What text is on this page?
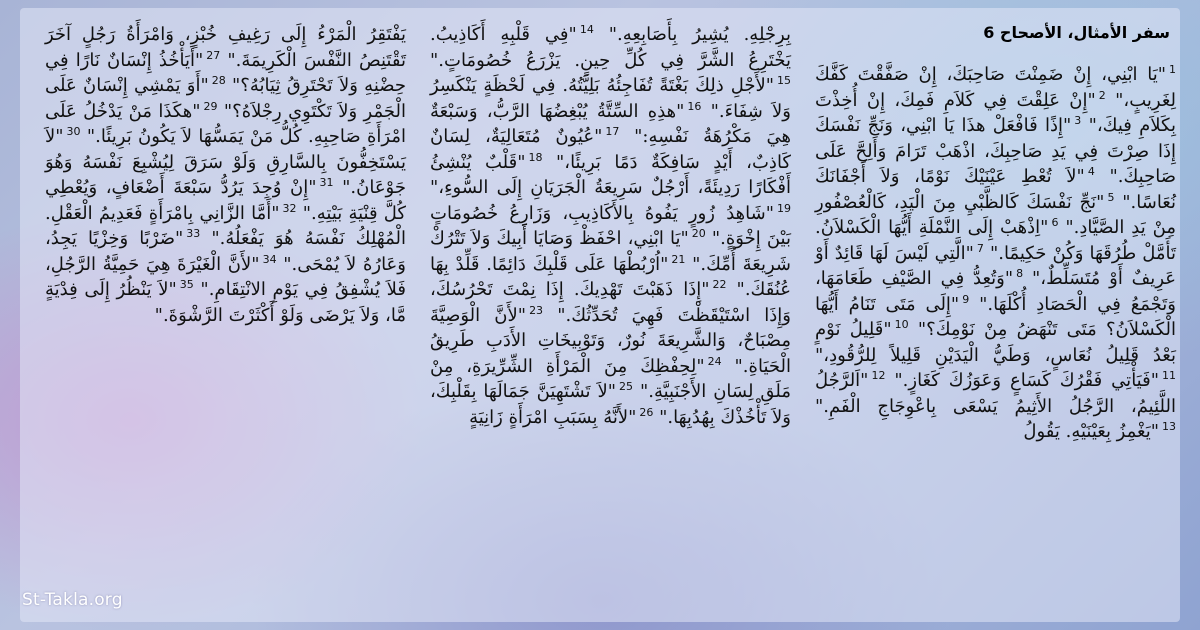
سفر الأمثال، الأصحاح 6

$^1$"يَا ابْنِي، إِنْ ضَمِنْتَ صَاحِبَكَ، إِنْ صَفَّقْتَ كَفَّكَ لِغَرِيبٍ،" $^2$"إِنْ عَلِقْتَ فِي كَلاَمِ فَمِكَ، إِنْ أُخِذْتَ بِكَلاَمِ فِيكَ،" $^3$"إِذًا فَافْعَلْ هذَا يَا ابْنِي، وَنَجِّ نَفْسَكَ إِذَا صِرْتَ فِي يَدِ صَاحِبِكَ، اذْهَبْ تَرَامَ وَأَلِحَّ عَلَى صَاحِبِكَ." $^4$"لاَ تُعْطِ عَيْنَيْكَ نَوْمًا، وَلاَ أَجْفَانَكَ نُعَاسًا." $^5$"نَجِّ نَفْسَكَ كَالظَّبْيِ مِنَ الْيَدِ، كَالْعُصْفُورِ مِنْ يَدِ الصَّيَّادِ." $^6$"اِذْهَبْ إِلَى النَّمْلَةِ أَيُّهَا الْكَسْلاَنُ. تَأَمَّلْ طُرُقَهَا وَكُنْ حَكِيمًا." $^7$"الَّتِي لَيْسَ لَهَا قَائِدٌ أَوْ عَرِيفٌ أَوْ مُتَسَلِّطٌ،" $^8$"وَتُعِدُّ فِي الصَّيْفِ طَعَامَهَا، وَتَجْمَعُ فِي الْحَصَادِ أُكْلَهَا." $^9$"إِلَى مَتَى تَنَامُ أَيُّهَا الْكَسْلاَنُ؟ مَتَى تَنْهَضُ مِنْ نَوْمِكَ؟" $^{10}$"قَلِيلُ نَوْمٍ بَعْدُ قَلِيلُ نُعَاسٍ، وَطَيُّ الْيَدَيْنِ قَلِيلاً لِلرُّقُودِ،" $^{11}$"فَيَأْتِي فَقْرُكَ كَسَاعٍ وَعَوَزُكَ كَغَازٍ." $^{12}$"اَلرَّجُلُ اللَّئِيمُ، الرَّجُلُ الأَثِيمُ يَسْعَى بِاعْوِجَاجِ الْفَمِ." $^{13}$"يَغْمِزُ بِعَيْنَيْهِ. يَقُولُ

بِرِجْلِهِ. يُشِيرُ بِأَصَابِعِهِ." $^{14}$"فِي قَلْبِهِ أَكَاذِيبُ. يَخْتَرِعُ الشَّرَّ فِي كُلِّ حِينٍ. يَزْرَعُ خُصُومَاتٍ." $^{15}$"لأَجْلِ ذلِكَ بَغْتَةً تُفَاجِئُهُ بَلِيَّتُهُ. فِي لَحْظَةٍ يَنْكَسِرُ وَلاَ شِفَاءَ." $^{16}$"هذِهِ السِّتَّةُ يُبْغِضُهَا الرَّبُّ، وَسَبْعَةٌ هِيَ مَكْرُهَةُ نَفْسِهِ:" $^{17}$"عُيُونٌ مُتَعَالِيَةٌ، لِسَانٌ كَاذِبٌ، أَيْدٍ سَافِكَةٌ دَمًا بَرِيئًا،" $^{18}$"قَلْبٌ يُنْشِئُ أَفْكَارًا رَدِيئَةً، أَرْجُلٌ سَرِيعَةُ الْجَرَيَانِ إِلَى السُّوءِ،" $^{19}$"شَاهِدُ زُورٍ يَفُوهُ بِالأَكَاذِيبِ، وَزَارِعُ خُصُومَاتٍ بَيْنَ إِخْوَةٍ." $^{20}$"يَا ابْنِي، احْفَظْ وَصَايَا أَبِيكَ وَلاَ تَتْرُكْ شَرِيعَةَ أُمِّكَ." $^{21}$"اُرْبُطْهَا عَلَى قَلْبِكَ دَائِمًا. قَلِّدْ بِهَا عُنُقَكَ." $^{22}$"إِذَا ذَهَبْتَ تَهْدِيكَ. إِذَا نِمْتَ تَحْرُسُكَ، وَإِذَا اسْتَيْقَظْتَ فَهِيَ تُحَدِّثُكَ." $^{23}$"لأَنَّ الْوَصِيَّةَ مِصْبَاحٌ، وَالشَّرِيعَةَ نُورٌ، وَتَوْبِيخَاتِ الأَدَبِ طَرِيقُ الْحَيَاةِ." $^{24}$"لِحِفْظِكَ مِنَ الْمَرْأَةِ الشِّرِّيرَةِ، مِنْ مَلَقِ لِسَانِ الأَجْنَبِيَّةِ." $^{25}$"لاَ تَشْتَهِيَنَّ جَمَالَهَا بِقَلْبِكَ، وَلاَ تَأْخُذْكَ بِهُدُبِهَا." $^{26}$"لأَنَّهُ بِسَبَبِ امْرَأَةٍ زَانِيَةٍ

يَفْتَقِرُ الْمَرْءُ إِلَى رَغِيفِ خُبْزٍ، وَامْرَأَةُ رَجُلٍ آخَرَ تَقْتَنِصُ النَّفْسَ الْكَرِيمَةَ." $^{27}$"أَيَأْخُذُ إِنْسَانٌ نَارًا فِي حِضْنِهِ وَلاَ تَحْتَرِقُ ثِيَابُهُ؟" $^{28}$"أَوَ يَمْشِي إِنْسَانٌ عَلَى الْجَمْرِ وَلاَ تَكْتَوِي رِجْلاَهُ؟" $^{29}$"هكَذَا مَنْ يَدْخُلُ عَلَى امْرَأَةِ صَاحِبِهِ. كُلُّ مَنْ يَمَسُّهَا لاَ يَكُونُ بَرِيئًا." $^{30}$"لاَ يَسْتَخِفُّونَ بِالسَّارِقِ وَلَوْ سَرَقَ لِيُشْبِعَ نَفْسَهُ وَهُوَ جَوْعَانُ." $^{31}$"إِنْ وُجِدَ يَرُدُّ سَبْعَةَ أَضْعَافٍ، وَيُعْطِي كُلَّ قِنْيَةِ بَيْتِهِ." $^{32}$"أَمَّا الزَّانِي بِامْرَأَةٍ فَعَدِيمُ الْعَقْلِ. الْمُهْلِكُ نَفْسَهُ هُوَ يَفْعَلُهُ." $^{33}$"ضَرْبًا وَخِزْيًا يَجِدُ، وَعَارُهُ لاَ يُمْحَى." $^{34}$"لأَنَّ الْغَيْرَةَ هِيَ حَمِيَّةُ الرَّجُلِ، فَلاَ يُشْفِقُ فِي يَوْمِ الانْتِقَامِ." $^{35}$"لاَ يَنْظُرُ إِلَى فِدْيَةٍ مَّا، وَلاَ يَرْضَى وَلَوْ أَكْثَرْتَ الرَّشْوَةَ."

St-Takla.org
